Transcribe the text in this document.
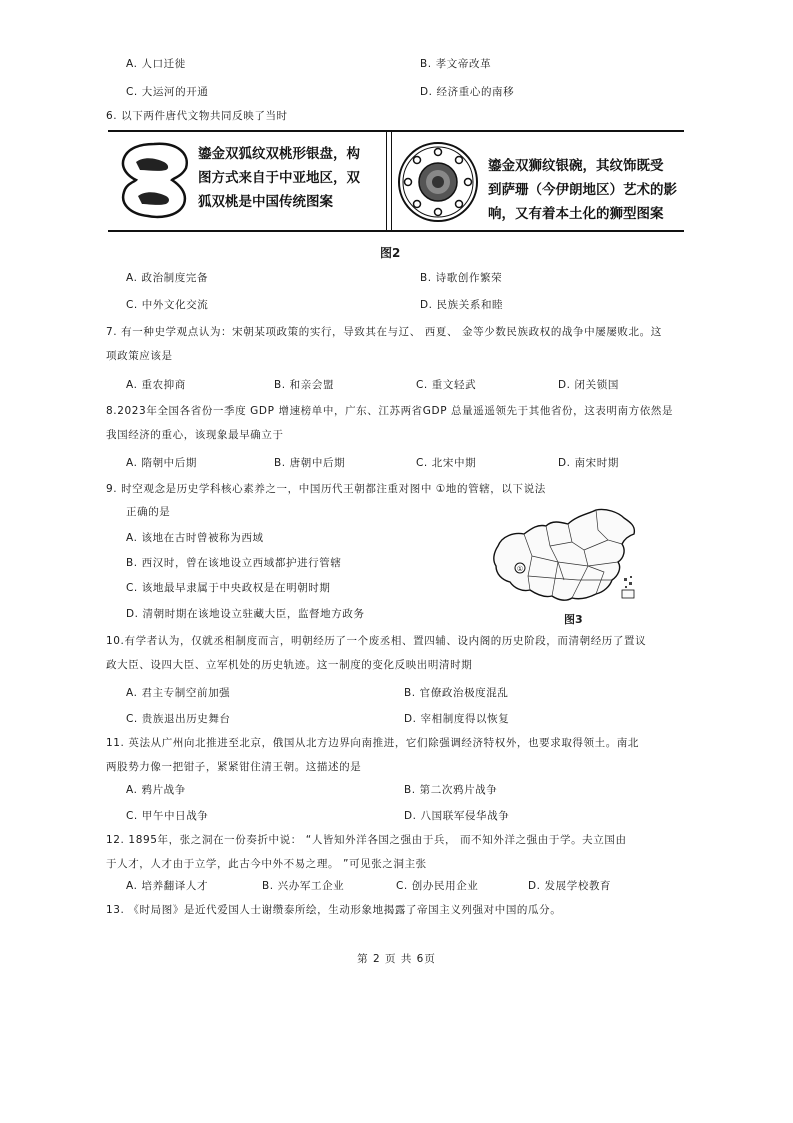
A. 人口迁徙	B. 孝文帝改革
C. 大运河的开通	D. 经济重心的南移
6. 以下两件唐代文物共同反映了当时
鎏金双狐纹双桃形银盘，构
图方式来自于中亚地区，双
狐双桃是中国传统图案
鎏金双狮纹银碗，其纹饰既受
到萨珊（今伊朗地区）艺术的影
响，又有着本土化的狮型图案
图2
A. 政治制度完备	B. 诗歌创作繁荣
C. 中外文化交流	D. 民族关系和睦
7. 有一种史学观点认为：宋朝某项政策的实行，导致其在与辽、 西夏、 金等少数民族政权的战争中屡屡败北。这
项政策应该是
A. 重农抑商	B. 和亲会盟	C. 重文轻武	D. 闭关锁国
8.2023年全国各省份一季度 GDP 增速榜单中，广东、江苏两省GDP 总量遥遥领先于其他省份，这表明南方依然是
我国经济的重心，该现象最早确立于
A. 隋朝中后期	B. 唐朝中后期	C. 北宋中期	D. 南宋时期
9. 时空观念是历史学科核心素养之一，中国历代王朝都注重对图中 ①地的管辖，以下说法
正确的是
A. 该地在古时曾被称为西域
B. 西汉时，曾在该地设立西域都护进行管辖
C. 该地最早隶属于中央政权是在明朝时期
D. 清朝时期在该地设立驻藏大臣，监督地方政务
①
图3
10.有学者认为，仅就丞相制度而言，明朝经历了一个废丞相、置四辅、设内阁的历史阶段，而清朝经历了置议
政大臣、设四大臣、立军机处的历史轨迹。这一制度的变化反映出明清时期
A. 君主专制空前加强	B. 官僚政治极度混乱
C. 贵族退出历史舞台	D. 宰相制度得以恢复
11. 英法从广州向北推进至北京，俄国从北方边界向南推进，它们除强调经济特权外，也要求取得领土。南北
两股势力像一把钳子，紧紧钳住清王朝。这描述的是
A. 鸦片战争	B. 第二次鸦片战争
C. 甲午中日战争	D. 八国联军侵华战争
12. 1895年，张之洞在一份奏折中说： “人皆知外洋各国之强由于兵， 而不知外洋之强由于学。夫立国由
于人才，人才由于立学，此古今中外不易之理。 ”可见张之洞主张
A. 培养翻译人才	B. 兴办军工企业	C. 创办民用企业	D. 发展学校教育
13. 《时局图》是近代爱国人士谢缵泰所绘，生动形象地揭露了帝国主义列强对中国的瓜分。
第 2 页 共 6页
